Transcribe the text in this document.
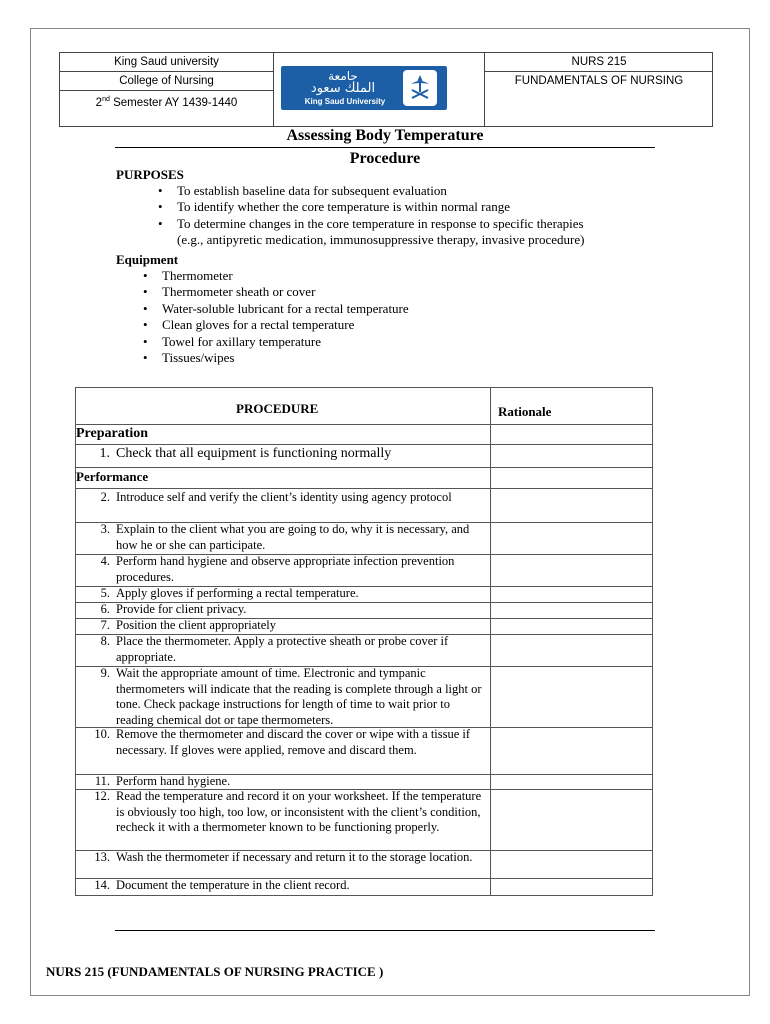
King Saud university
College of Nursing
2nd Semester AY 1439-1440
جامعة
الملك سعود
King Saud University
NURS 215
FUNDAMENTALS OF NURSING
Assessing Body Temperature
Procedure
PURPOSES
• To establish baseline data for subsequent evaluation
• To identify whether the core temperature is within normal range
• To determine changes in the core temperature in response to specific therapies
(e.g., antipyretic medication, immunosuppressive therapy, invasive procedure)
Equipment
• Thermometer
• Thermometer sheath or cover
• Water-soluble lubricant for a rectal temperature
• Clean gloves for a rectal temperature
• Towel for axillary temperature
• Tissues/wipes
PROCEDURE	Rationale
Preparation
1. Check that all equipment is functioning normally
Performance
2. Introduce self and verify the client’s identity using agency protocol
3. Explain to the client what you are going to do, why it is necessary, and how he or she can participate.
4. Perform hand hygiene and observe appropriate infection prevention procedures.
5. Apply gloves if performing a rectal temperature.
6. Provide for client privacy.
7. Position the client appropriately
8. Place the thermometer. Apply a protective sheath or probe cover if appropriate.
9. Wait the appropriate amount of time. Electronic and tympanic thermometers will indicate that the reading is complete through a light or tone. Check package instructions for length of time to wait prior to reading chemical dot or tape thermometers.
10. Remove the thermometer and discard the cover or wipe with a tissue if necessary. If gloves were applied, remove and discard them.
11. Perform hand hygiene.
12. Read the temperature and record it on your worksheet. If the temperature is obviously too high, too low, or inconsistent with the client’s condition, recheck it with a thermometer known to be functioning properly.
13. Wash the thermometer if necessary and return it to the storage location.
14. Document the temperature in the client record.
NURS 215 (FUNDAMENTALS OF NURSING PRACTICE )
